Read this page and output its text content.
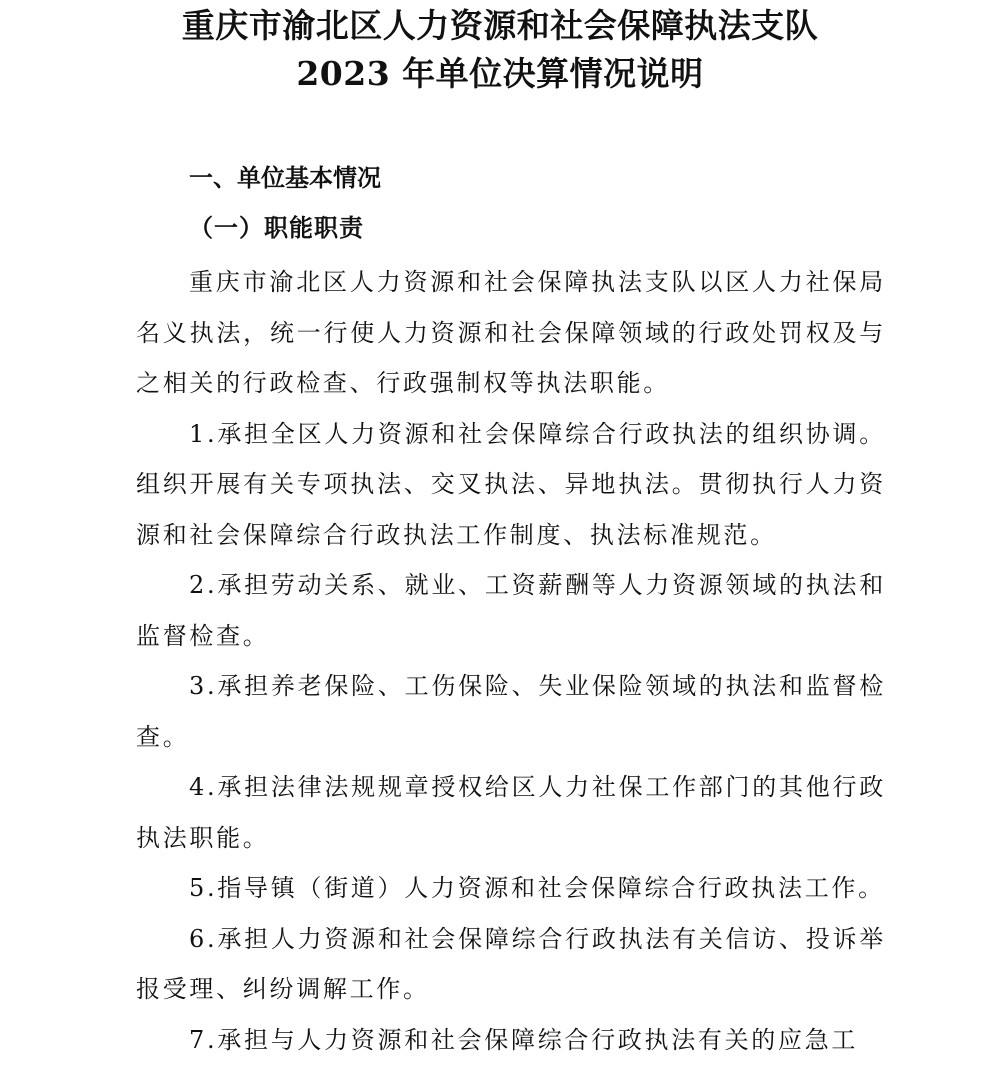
重庆市渝北区人力资源和社会保障执法支队
2023 年单位决算情况说明
一、单位基本情况
（一）职能职责

重庆市渝北区人力资源和社会保障执法支队以区人力社保局名义执法，统一行使人力资源和社会保障领域的行政处罚权及与之相关的行政检查、行政强制权等执法职能。

1.承担全区人力资源和社会保障综合行政执法的组织协调。组织开展有关专项执法、交叉执法、异地执法。贯彻执行人力资源和社会保障综合行政执法工作制度、执法标准规范。

2.承担劳动关系、就业、工资薪酬等人力资源领域的执法和监督检查。

3.承担养老保险、工伤保险、失业保险领域的执法和监督检查。

4.承担法律法规规章授权给区人力社保工作部门的其他行政执法职能。

5.指导镇（街道）人力资源和社会保障综合行政执法工作。

6.承担人力资源和社会保障综合行政执法有关信访、投诉举报受理、纠纷调解工作。

7.承担与人力资源和社会保障综合行政执法有关的应急工
